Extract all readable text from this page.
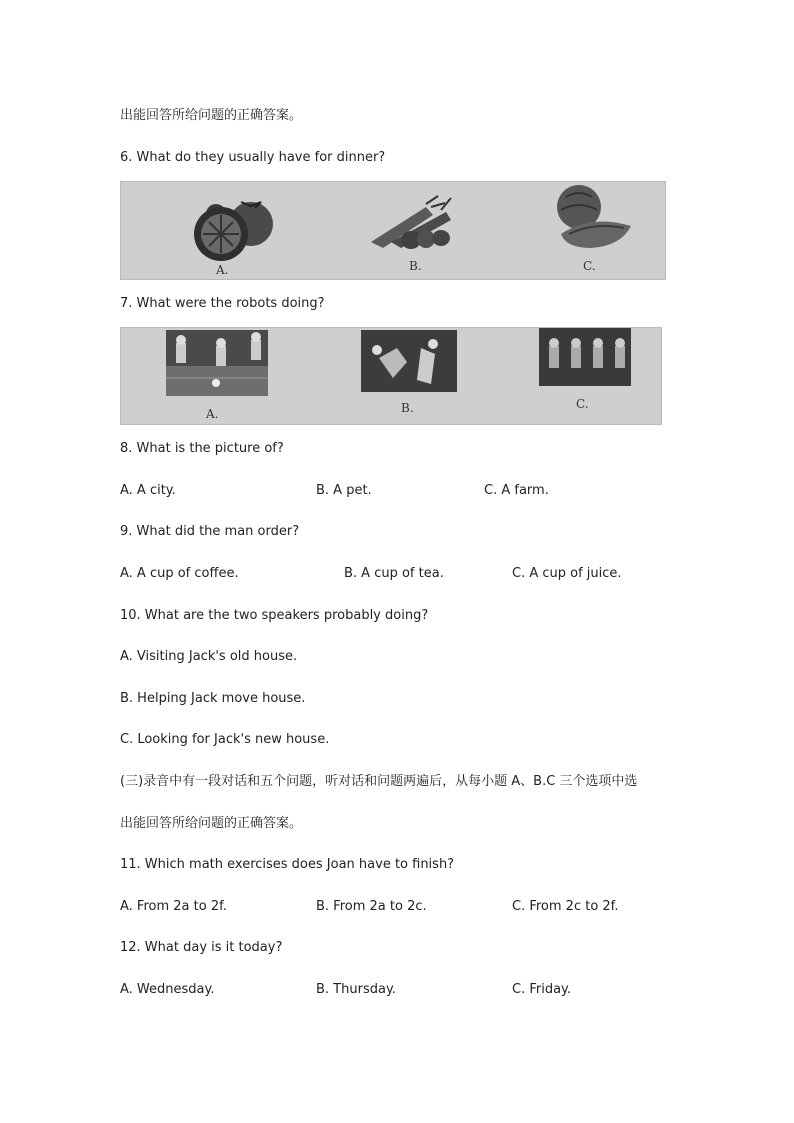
出能回答所给问题的正确答案。
6. What do they usually have for dinner?
A.	B.	C.
7. What were the robots doing?
A.	B.	C.
8. What is the picture of?
A. A city.	B. A pet.	C. A farm.
9. What did the man order?
A. A cup of coffee.	B. A cup of tea.	C. A cup of juice.
10. What are the two speakers probably doing?
A. Visiting Jack's old house.
B. Helping Jack move house.
C. Looking for Jack's new house.
(三)录音中有一段对话和五个问题，听对话和问题两遍后，从每小题 A、B.C 三个选项中选
出能回答所给问题的正确答案。
11. Which math exercises does Joan have to finish?
A. From 2a to 2f.	B. From 2a to 2c.	C. From 2c to 2f.
12. What day is it today?
A. Wednesday.	B. Thursday.	C. Friday.
